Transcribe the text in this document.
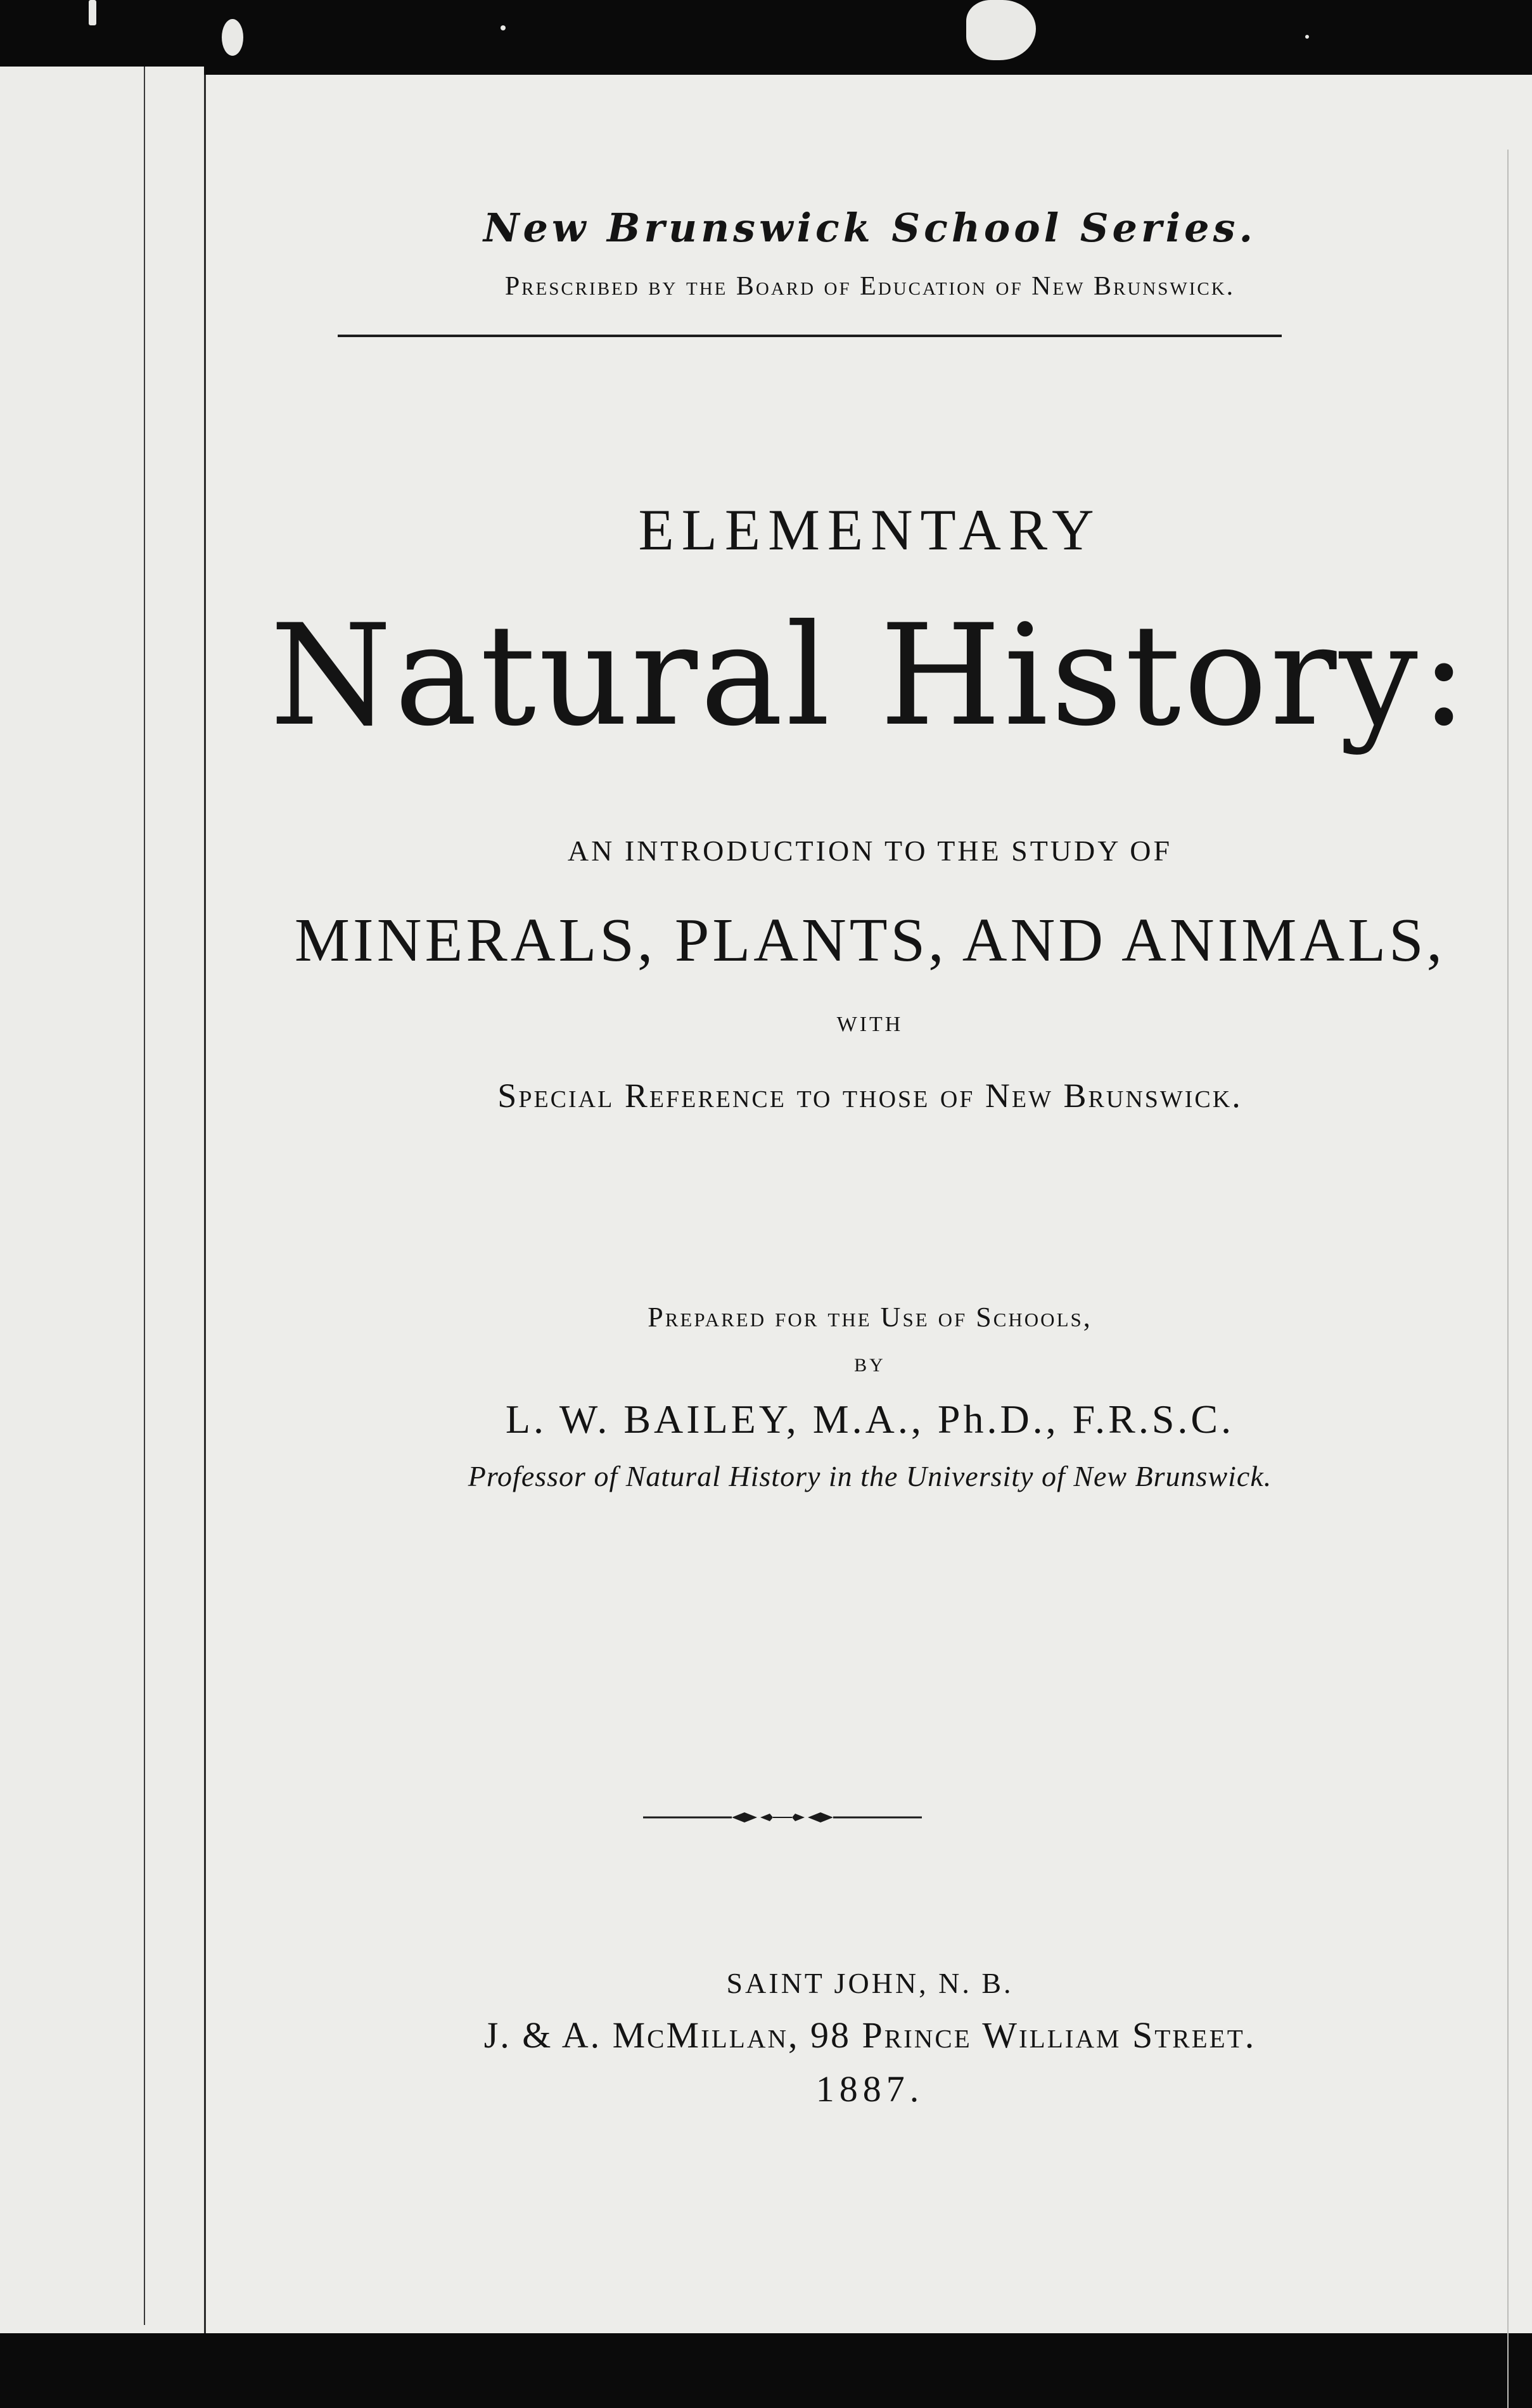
New Brunswick School Series.
Prescribed by the Board of Education of New Brunswick.
ELEMENTARY
Natural History:
AN INTRODUCTION TO THE STUDY OF
MINERALS, PLANTS, AND ANIMALS,
WITH
Special Reference to those of New Brunswick.
Prepared for the Use of Schools,
BY
L. W. BAILEY, M.A., Ph.D., F.R.S.C.
Professor of Natural History in the University of New Brunswick.
SAINT JOHN, N. B.
J. & A. McMillan, 98 Prince William Street.
1887.
